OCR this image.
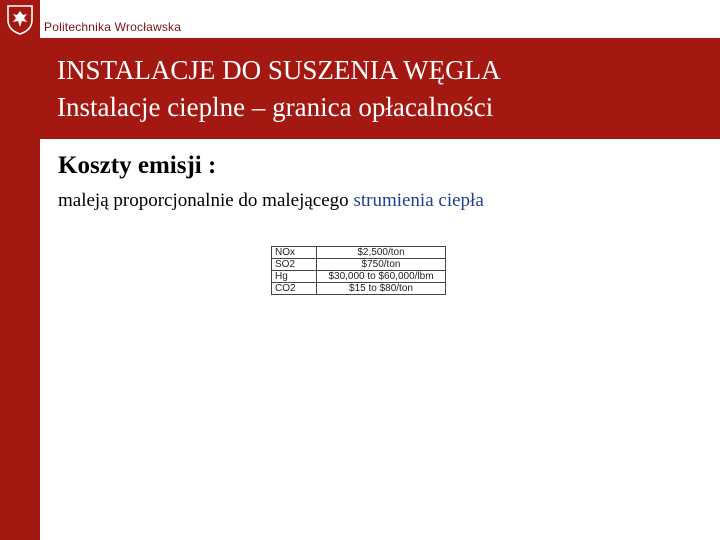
Politechnika Wrocławska
INSTALACJE DO SUSZENIA WĘGLA
Instalacje cieplne – granica opłacalności
Koszty emisji :
maleją proporcjonalnie do malejącego strumienia ciepła
NOx	$2,500/ton
SO2	$750/ton
Hg	$30,000 to $60,000/lbm
CO2	$15 to $80/ton
